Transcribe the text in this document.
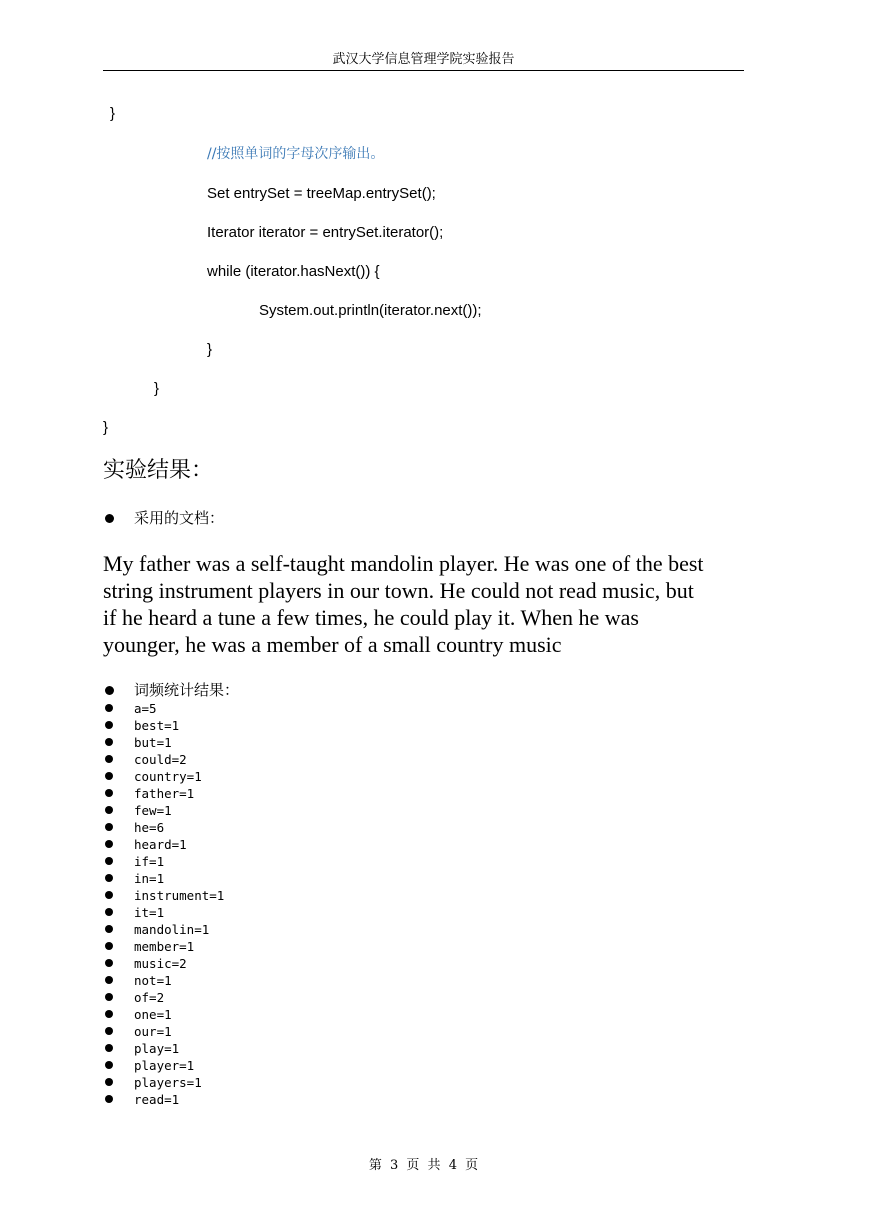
武汉大学信息管理学院实验报告
}
//按照单词的字母次序输出。
Set entrySet = treeMap.entrySet();
Iterator iterator = entrySet.iterator();
while (iterator.hasNext()) {
System.out.println(iterator.next());
}
}
}
实验结果：
采用的文档：
My father was a self-taught mandolin player. He was one of the best
string instrument players in our town. He could not read music, but
if he heard a tune a few times, he could play it. When he was
younger, he was a member of a small country music
词频统计结果：
a=5
best=1
but=1
could=2
country=1
father=1
few=1
he=6
heard=1
if=1
in=1
instrument=1
it=1
mandolin=1
member=1
music=2
not=1
of=2
one=1
our=1
play=1
player=1
players=1
read=1
第 3 页 共 4 页
